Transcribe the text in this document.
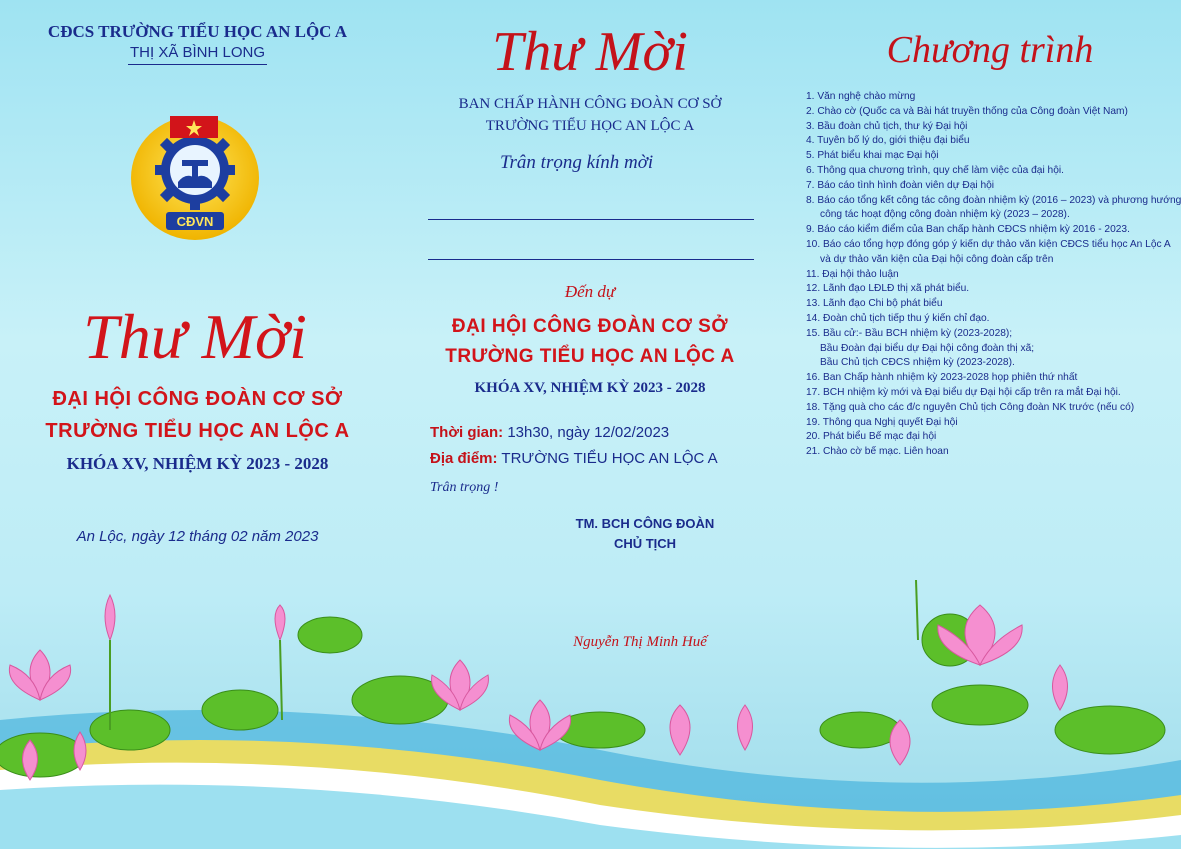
CĐCS TRƯỜNG TIỂU HỌC AN LỘC A
THỊ XÃ BÌNH LONG
CĐVN
Thư Mời
ĐẠI HỘI CÔNG ĐOÀN CƠ SỞ
TRƯỜNG TIỂU HỌC AN LỘC A
KHÓA XV, NHIỆM KỲ 2023 - 2028
An Lộc, ngày 12 tháng 02 năm 2023
Thư Mời
BAN CHẤP HÀNH CÔNG ĐOÀN CƠ SỞ
TRƯỜNG TIỂU HỌC AN LỘC A
Trân trọng kính mời
Đến dự
ĐẠI HỘI CÔNG ĐOÀN CƠ SỞ
TRƯỜNG TIỂU HỌC AN LỘC A
KHÓA XV, NHIỆM KỲ 2023 - 2028
Thời gian: 13h30, ngày 12/02/2023
Địa điểm: TRƯỜNG TIỂU HỌC AN LỘC A
Trân trọng !
TM. BCH CÔNG ĐOÀN
CHỦ TỊCH
Nguyễn Thị Minh Huế
Chương trình
1. Văn nghệ chào mừng
2. Chào cờ (Quốc ca và Bài hát truyền thống của Công đoàn Việt Nam)
3. Bầu đoàn chủ tịch, thư ký Đại hội
4. Tuyên bố lý do, giới thiệu đại biểu
5. Phát biểu khai mạc Đại hội
6. Thông qua chương trình, quy chế làm việc của đại hội.
7. Báo cáo tình hình đoàn viên dự Đại hội
8. Báo cáo tổng kết công tác công đoàn nhiệm kỳ (2016 – 2023) và phương hướng
công tác hoạt động công đoàn nhiệm kỳ (2023 – 2028).
9. Báo cáo kiểm điểm của Ban chấp hành CĐCS nhiệm kỳ 2016 - 2023.
10. Báo cáo tổng hợp đóng góp ý kiến dự thảo văn kiện CĐCS tiểu học An Lộc A
và dự thảo văn kiện của Đại hội công đoàn cấp trên
11. Đại hội thảo luận
12. Lãnh đạo LĐLĐ thị xã phát biểu.
13. Lãnh đạo Chi bộ phát biểu
14. Đoàn chủ tịch tiếp thu ý kiến chỉ đạo.
15. Bầu cử:- Bầu BCH nhiệm kỳ (2023-2028);
Bầu Đoàn đại biểu dự Đại hội công đoàn thị xã;
Bầu Chủ tịch CĐCS nhiệm kỳ (2023-2028).
16. Ban Chấp hành nhiệm kỳ 2023-2028 họp phiên thứ nhất
17. BCH nhiệm kỳ mới và Đại biểu dự Đại hội cấp trên ra mắt Đại hội.
18. Tặng quà cho các đ/c nguyên Chủ tịch Công đoàn NK trước (nếu có)
19. Thông qua Nghị quyết Đại hội
20. Phát biểu Bế mạc đại hội
21. Chào cờ bế mạc. Liên hoan
